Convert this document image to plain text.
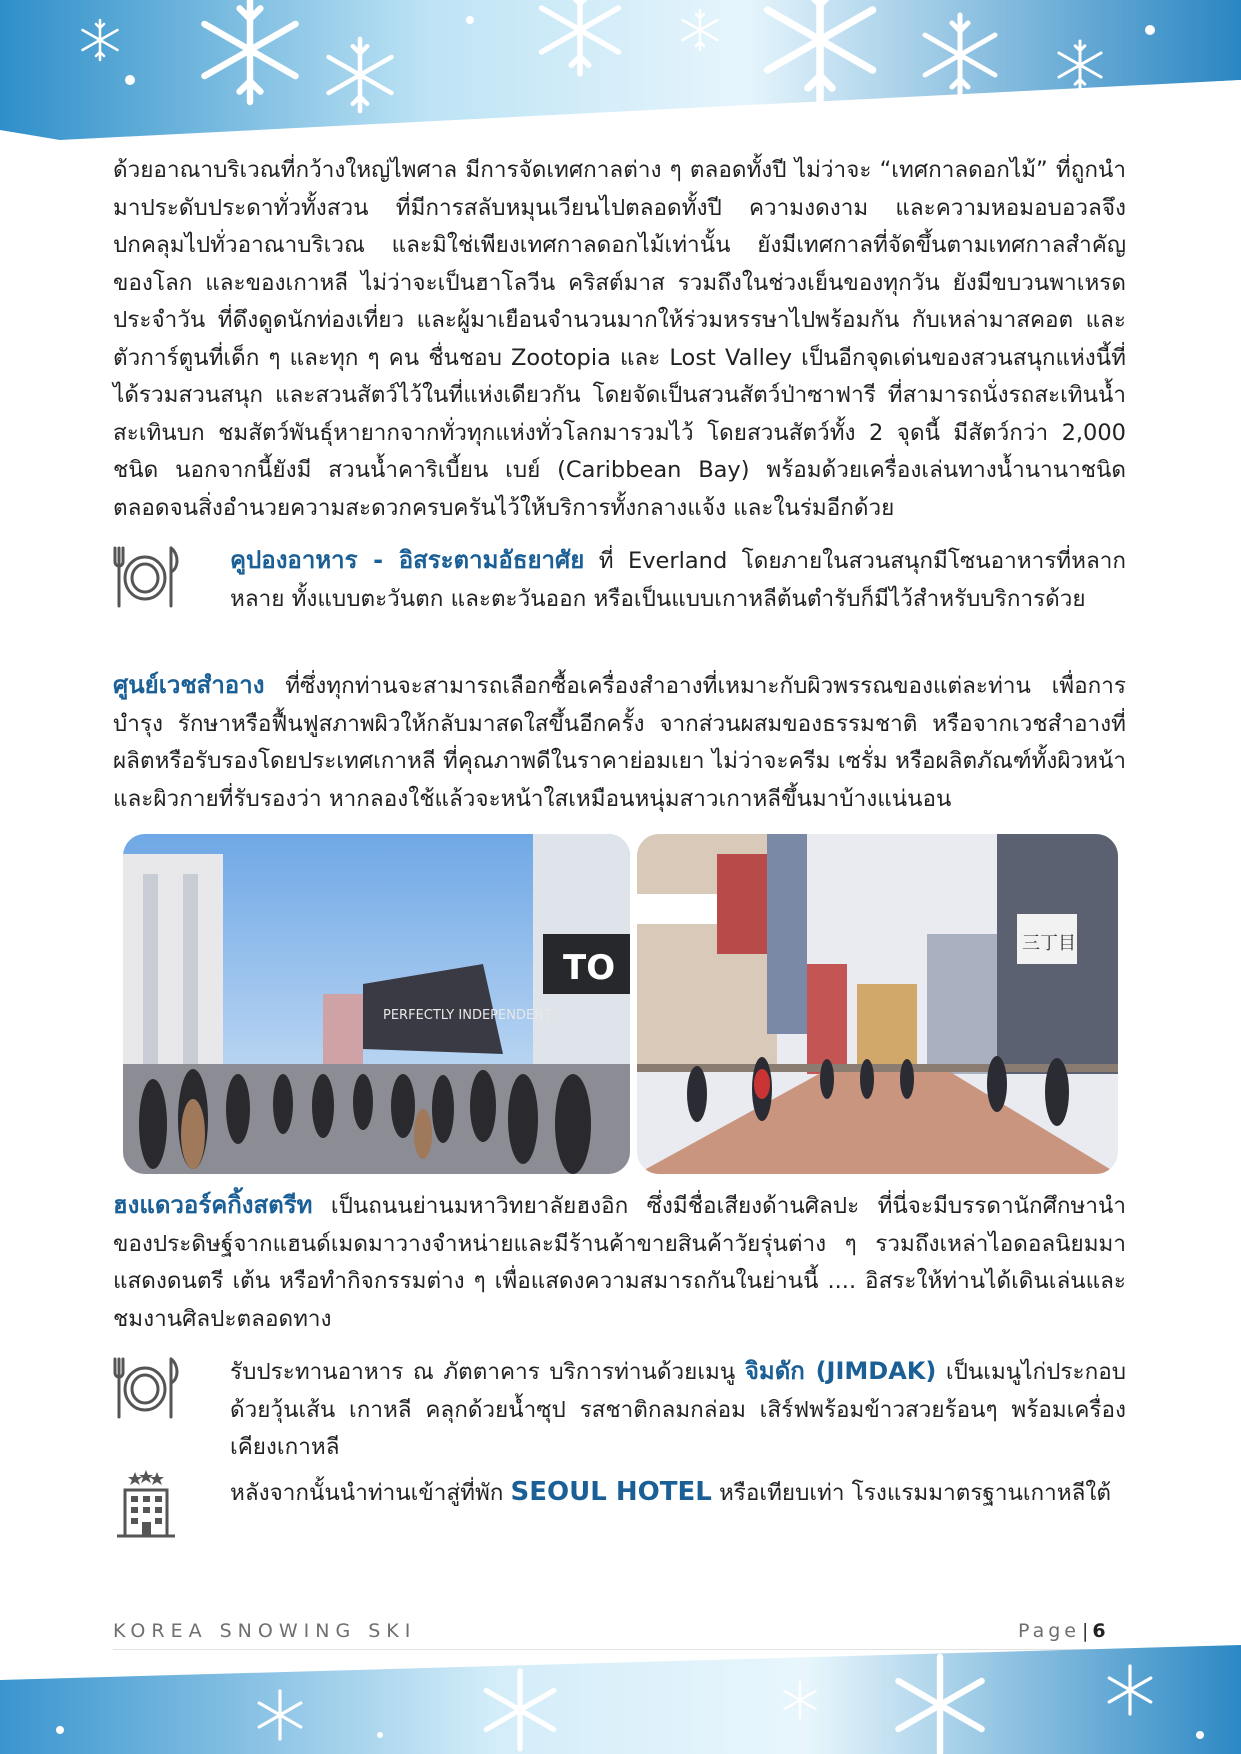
ด้วยอาณาบริเวณที่กว้างใหญ่ไพศาล มีการจัดเทศกาลต่าง ๆ ตลอดทั้งปี ไม่ว่าจะ “เทศกาลดอกไม้” ที่ถูกนำมาประดับประดาทั่วทั้งสวน ที่มีการสลับหมุนเวียนไปตลอดทั้งปี ความงดงาม และความหอมอบอวลจึงปกคลุมไปทั่วอาณาบริเวณ และมิใช่เพียงเทศกาลดอกไม้เท่านั้น ยังมีเทศกาลที่จัดขึ้นตามเทศกาลสำคัญของโลก และของเกาหลี ไม่ว่าจะเป็นฮาโลวีน คริสต์มาส รวมถึงในช่วงเย็นของทุกวัน ยังมีขบวนพาเหรดประจำวัน ที่ดึงดูดนักท่องเที่ยว และผู้มาเยือนจำนวนมากให้ร่วมหรรษาไปพร้อมกัน กับเหล่ามาสคอต และตัวการ์ตูนที่เด็ก ๆ และทุก ๆ คน ชื่นชอบ Zootopia และ Lost Valley เป็นอีกจุดเด่นของสวนสนุกแห่งนี้ที่ได้รวมสวนสนุก และสวนสัตว์ไว้ในที่แห่งเดียวกัน โดยจัดเป็นสวนสัตว์ป่าซาฟารี ที่สามารถนั่งรถสะเทินน้ำสะเทินบก ชมสัตว์พันธุ์หายากจากทั่วทุกแห่งทั่วโลกมารวมไว้ โดยสวนสัตว์ทั้ง 2 จุดนี้ มีสัตว์กว่า 2,000 ชนิด นอกจากนี้ยังมี สวนน้ำคาริเบี้ยน เบย์ (Caribbean Bay) พร้อมด้วยเครื่องเล่นทางน้ำนานาชนิด ตลอดจนสิ่งอำนวยความสะดวกครบครันไว้ให้บริการทั้งกลางแจ้ง และในร่มอีกด้วย

คูปองอาหาร - อิสระตามอัธยาศัย ที่ Everland โดยภายในสวนสนุกมีโซนอาหารที่หลากหลาย ทั้งแบบตะวันตก และตะวันออก หรือเป็นแบบเกาหลีต้นตำรับก็มีไว้สำหรับบริการด้วย

ศูนย์เวชสำอาง ที่ซึ่งทุกท่านจะสามารถเลือกซื้อเครื่องสำอางที่เหมาะกับผิวพรรณของแต่ละท่าน เพื่อการบำรุง รักษาหรือฟื้นฟูสภาพผิวให้กลับมาสดใสขึ้นอีกครั้ง จากส่วนผสมของธรรมชาติ หรือจากเวชสำอางที่ผลิตหรือรับรองโดยประเทศเกาหลี ที่คุณภาพดีในราคาย่อมเยา ไม่ว่าจะครีม เซรั่ม หรือผลิตภัณฑ์ทั้งผิวหน้าและผิวกายที่รับรองว่า หากลองใช้แล้วจะหน้าใสเหมือนหนุ่มสาวเกาหลีขึ้นมาบ้างแน่นอน

TO
PERFECTLY INDEPENDENT
三丁目

ฮงแดวอร์คกิ้งสตรีท เป็นถนนย่านมหาวิทยาลัยฮงอิก ซึ่งมีชื่อเสียงด้านศิลปะ ที่นี่จะมีบรรดานักศึกษานำของประดิษฐ์จากแฮนด์เมดมาวางจำหน่ายและมีร้านค้าขายสินค้าวัยรุ่นต่าง ๆ รวมถึงเหล่าไอดอลนิยมมาแสดงดนตรี เต้น หรือทำกิจกรรมต่าง ๆ เพื่อแสดงความสมารถกันในย่านนี้ .... อิสระให้ท่านได้เดินเล่นและชมงานศิลปะตลอดทาง

รับประทานอาหาร ณ ภัตตาคาร บริการท่านด้วยเมนู จิมดัก (JIMDAK) เป็นเมนูไก่ประกอบด้วยวุ้นเส้น เกาหลี คลุกด้วยน้ำซุป รสชาติกลมกล่อม เสิร์ฟพร้อมข้าวสวยร้อนๆ พร้อมเครื่องเคียงเกาหลี

หลังจากนั้นนำท่านเข้าสู่ที่พัก SEOUL HOTEL หรือเทียบเท่า โรงแรมมาตรฐานเกาหลีใต้

KOREA SNOWING SKI	Page | 6
